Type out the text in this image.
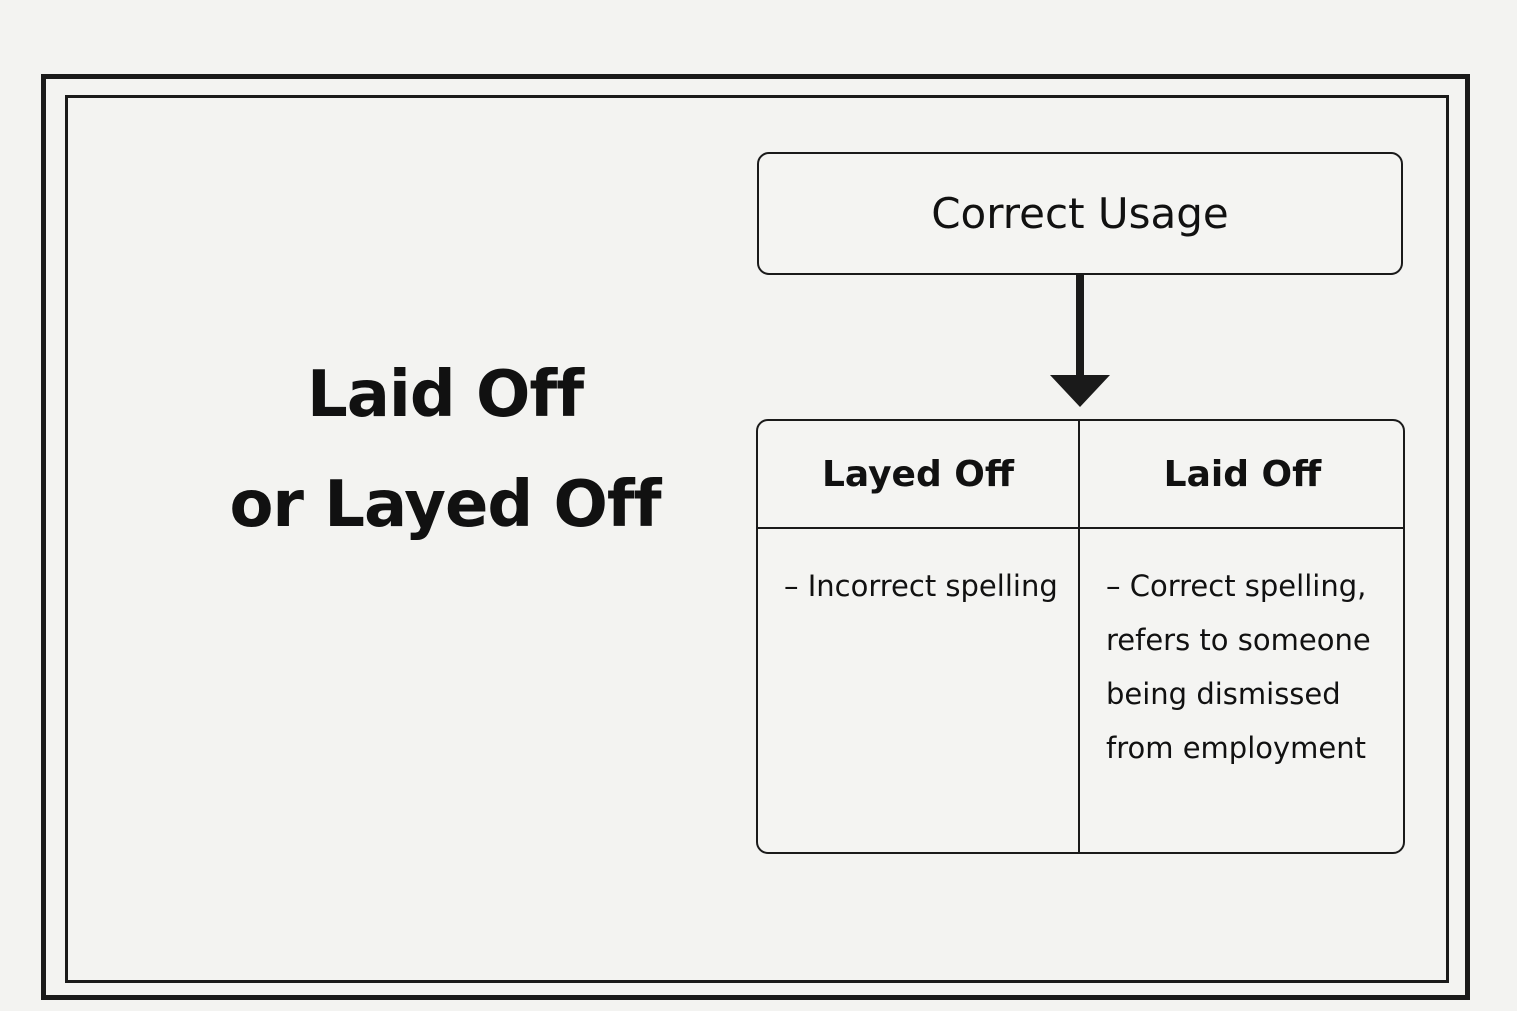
Laid Off
or Layed Off
Correct Usage
Layed Off	Laid Off

– Incorrect spelling – Correct spelling, refers to someone being dismissed from employment
